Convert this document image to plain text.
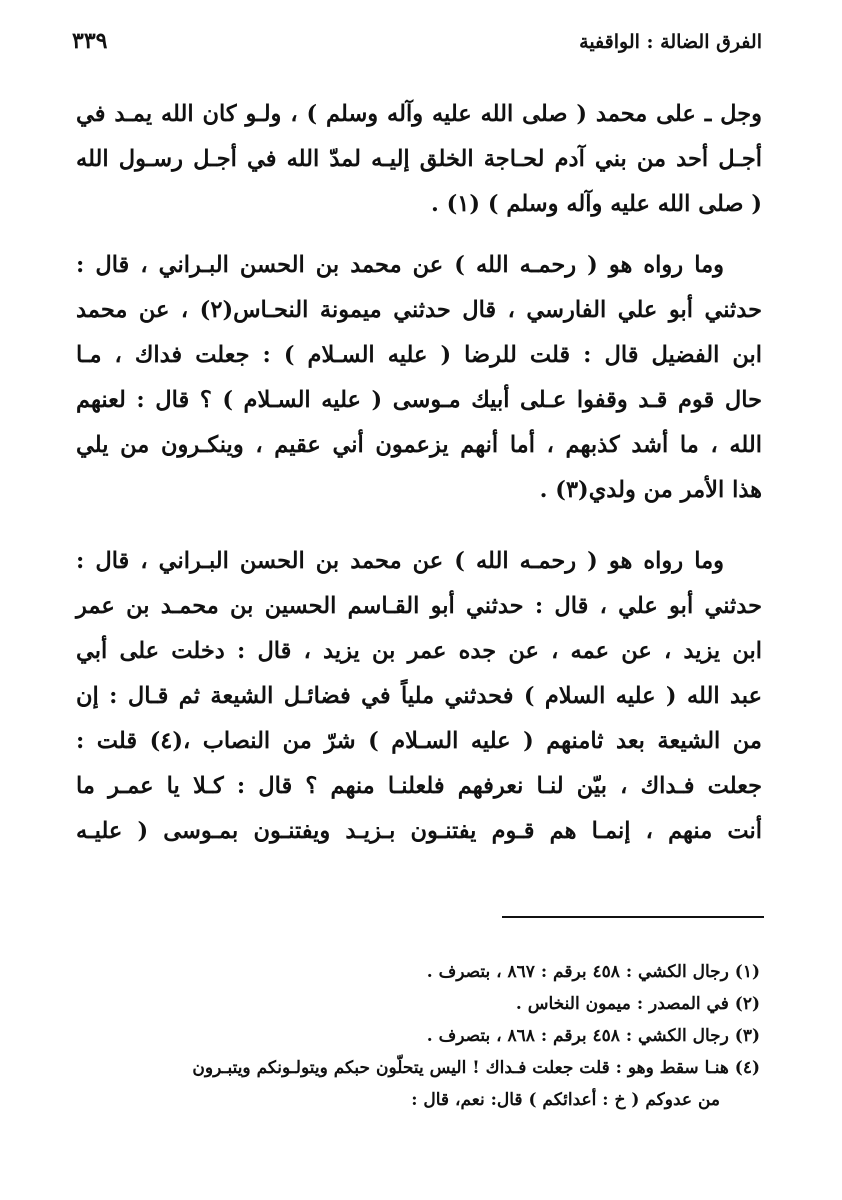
الفرق الضالة : الواقفية
٣٣٩

وجل ـ على محمد ( صلى الله عليه وآله وسلم ) ، ولـو كان الله يمـد في
أجـل أحد من بني آدم لحـاجة الخلق إليـه لمدّ الله في أجـل رسـول الله
( صلى الله عليه وآله وسلم ) (١) .

وما رواه هو ( رحمـه الله ) عن محمد بن الحسن البـراني ، قال :
حدثني أبو علي الفارسي ، قال حدثني ميمونة النحـاس(٢) ، عن محمد
ابن الفضيل قال : قلت للرضا ( عليه السـلام ) : جعلت فداك ، مـا
حال قوم قـد وقفوا عـلى أبيك مـوسى ( عليه السـلام ) ؟ قال : لعنهم
الله ، ما أشد كذبهم ، أما أنهم يزعمون أني عقيم ، وينكـرون من يلي
هذا الأمر من ولدي(٣) .

وما رواه هو ( رحمـه الله ) عن محمد بن الحسن البـراني ، قال :
حدثني أبو علي ، قال : حدثني أبو القـاسم الحسين بن محمـد بن عمر
ابن يزيد ، عن عمه ، عن جده عمر بن يزيد ، قال : دخلت على أبي
عبد الله ( عليه السلام ) فحدثني ملياً في فضائـل الشيعة ثم قـال : إن
من الشيعة بعد ثامنهم ( عليه السـلام ) شرّ من النصاب ،(٤) قلت :
جعلت فـداك ، بيّن لنـا نعرفهم فلعلنـا منهم ؟ قال : كـلا يا عمـر ما
أنت منهم ، إنمـا هم قـوم يفتنـون بـزيـد ويفتنـون بمـوسى ( عليـه

(١) رجال الكشي : ٤٥٨ برقم : ٨٦٧ ، بتصرف .
(٢) في المصدر : ميمون النخاس .
(٣) رجال الكشي : ٤٥٨ برقم : ٨٦٨ ، بتصرف .
(٤) هنـا سقط وهو : قلت جعلت فـداك ! اليس يتحلّون حبكم ويتولـونكم ويتبـرون
من عدوكم ( خ : أعدائكم ) قال: نعم، قال :
